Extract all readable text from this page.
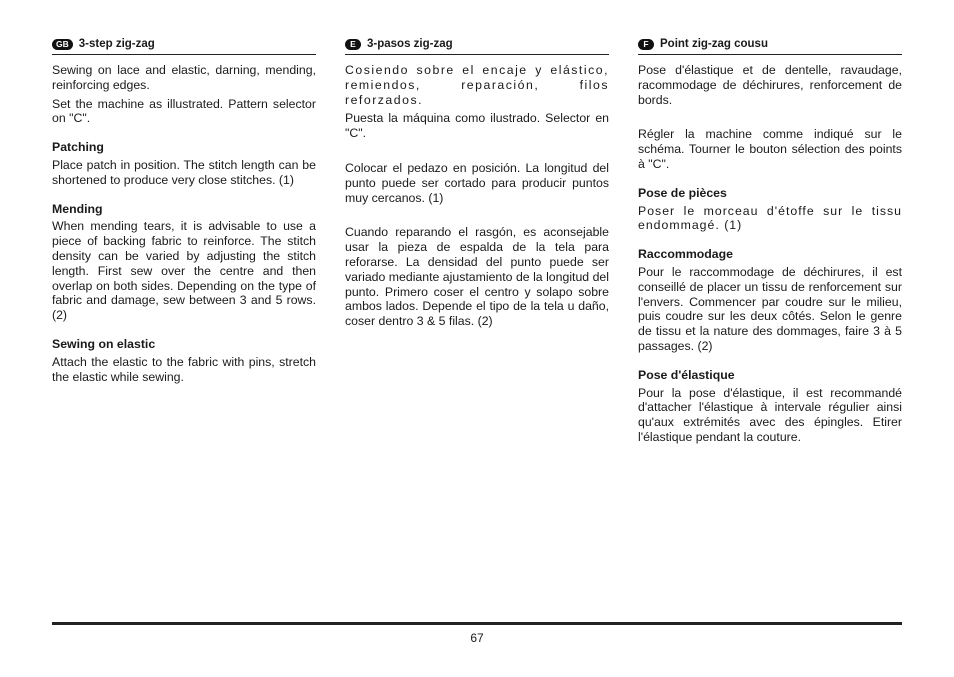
GB 3-step zig-zag

Sewing on lace and elastic, darning, mending, reinforcing edges.

Set the machine as illustrated. Pattern selector on "C".

Patching

Place patch in position. The stitch length can be shortened to produce very close stitches. (1)

Mending

When mending tears, it is advisable to use a piece of backing fabric to reinforce. The stitch density can be varied by adjusting the stitch length. First sew over the centre and then overlap on both sides. Depending on the type of fabric and damage, sew between 3 and 5 rows. (2)

Sewing on elastic

Attach the elastic to the fabric with pins, stretch the elastic while sewing.

E 3-pasos zig-zag

Cosiendo sobre el encaje y elástico, remiendos, reparación, filos reforzados.

Puesta la máquina como ilustrado. Selector en "C".

Colocar el pedazo en posición. La longitud del punto puede ser cortado para producir puntos muy cercanos. (1)

Cuando reparando el rasgón, es aconsejable usar la pieza de espalda de la tela para reforarse. La densidad del punto puede ser variado mediante ajustamiento de la longitud del punto. Primero coser el centro y solapo sobre ambos lados. Depende el tipo de la tela u daño, coser dentro 3 & 5 filas. (2)

F Point zig-zag cousu

Pose d'élastique et de dentelle, ravaudage, racommodage de déchirures, renforcement de bords.

Régler la machine comme indiqué sur le schéma. Tourner le bouton sélection des points à "C".

Pose de pièces

Poser le morceau d'étoffe sur le tissu endommagé. (1)

Raccommodage

Pour le raccommodage de déchirures, il est conseillé de placer un tissu de renforcement sur l'envers. Commencer par coudre sur le milieu, puis coudre sur les deux côtés. Selon le genre de tissu et la nature des dommages, faire 3 à 5 passages. (2)

Pose d'élastique

Pour la pose d'élastique, il est recommandé d'attacher l'élastique à intervale régulier ainsi qu'aux extrémités avec des épingles. Etirer l'élastique pendant la couture.

67
